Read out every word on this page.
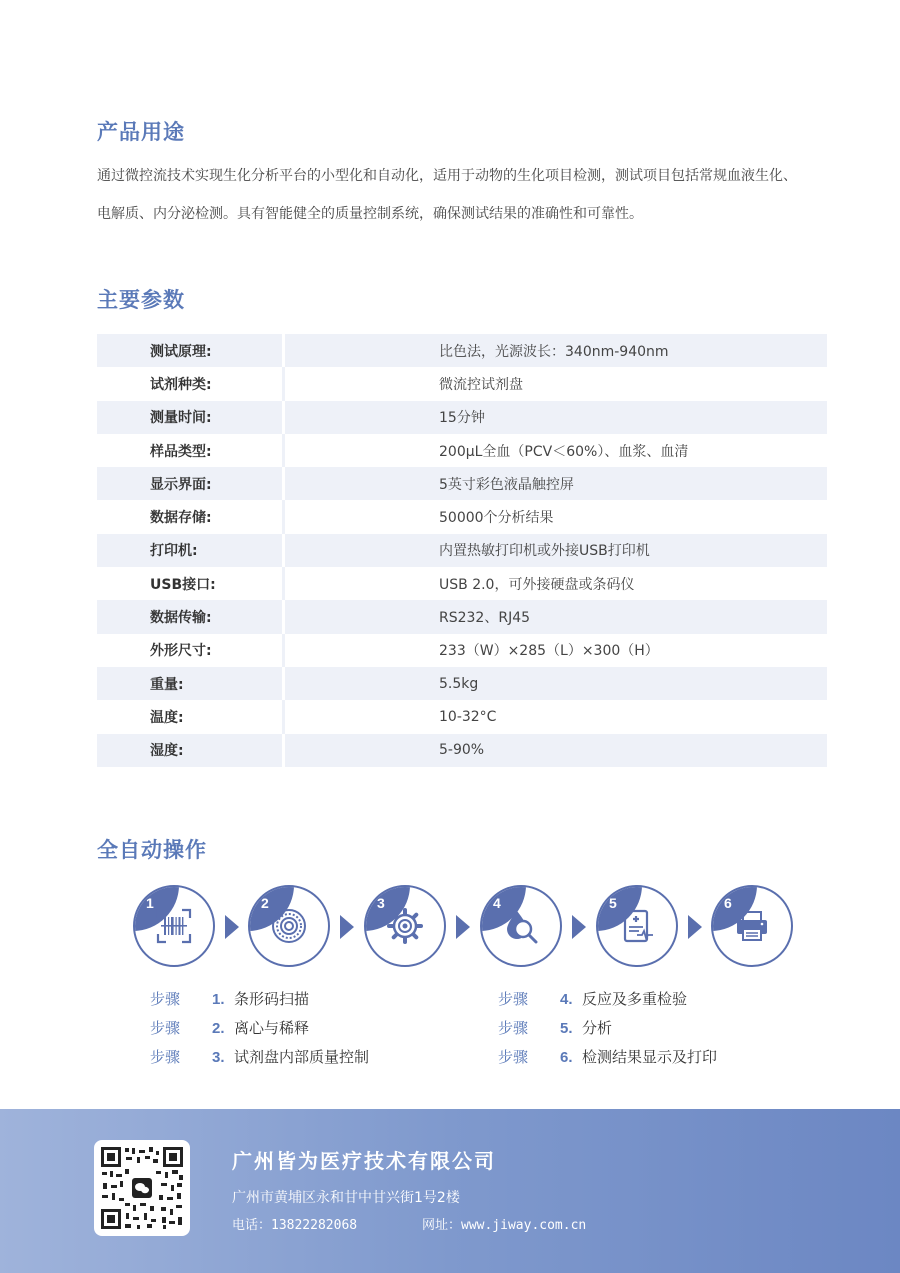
产品用途
通过微控流技术实现生化分析平台的小型化和自动化，适用于动物的生化项目检测，测试项目包括常规血液生化、
电解质、内分泌检测。具有智能健全的质量控制系统，确保测试结果的准确性和可靠性。
主要参数
测试原理:	比色法，光源波长：340nm-940nm
试剂种类:	微流控试剂盘
测量时间:	15分钟
样品类型:	200μL全血（PCV＜60%）、血浆、血清
显示界面:	5英寸彩色液晶触控屏
数据存储:	50000个分析结果
打印机:	内置热敏打印机或外接USB打印机
USB接口:	USB 2.0，可外接硬盘或条码仪
数据传输:	RS232、RJ45
外形尺寸:	233（W）×285（L）×300（H）
重量:	5.5kg
温度:	10-32°C
湿度:	5-90%
全自动操作
1	2	3	4	5	6
步骤	1. 条形码扫描
步骤	2. 离心与稀释
步骤	3. 试剂盘内部质量控制
步骤	4. 反应及多重检验
步骤	5. 分析
步骤	6. 检测结果显示及打印
广州皆为医疗技术有限公司
广州市黄埔区永和甘中甘兴街1号2楼
电话：13822282068	网址：www.jiway.com.cn
